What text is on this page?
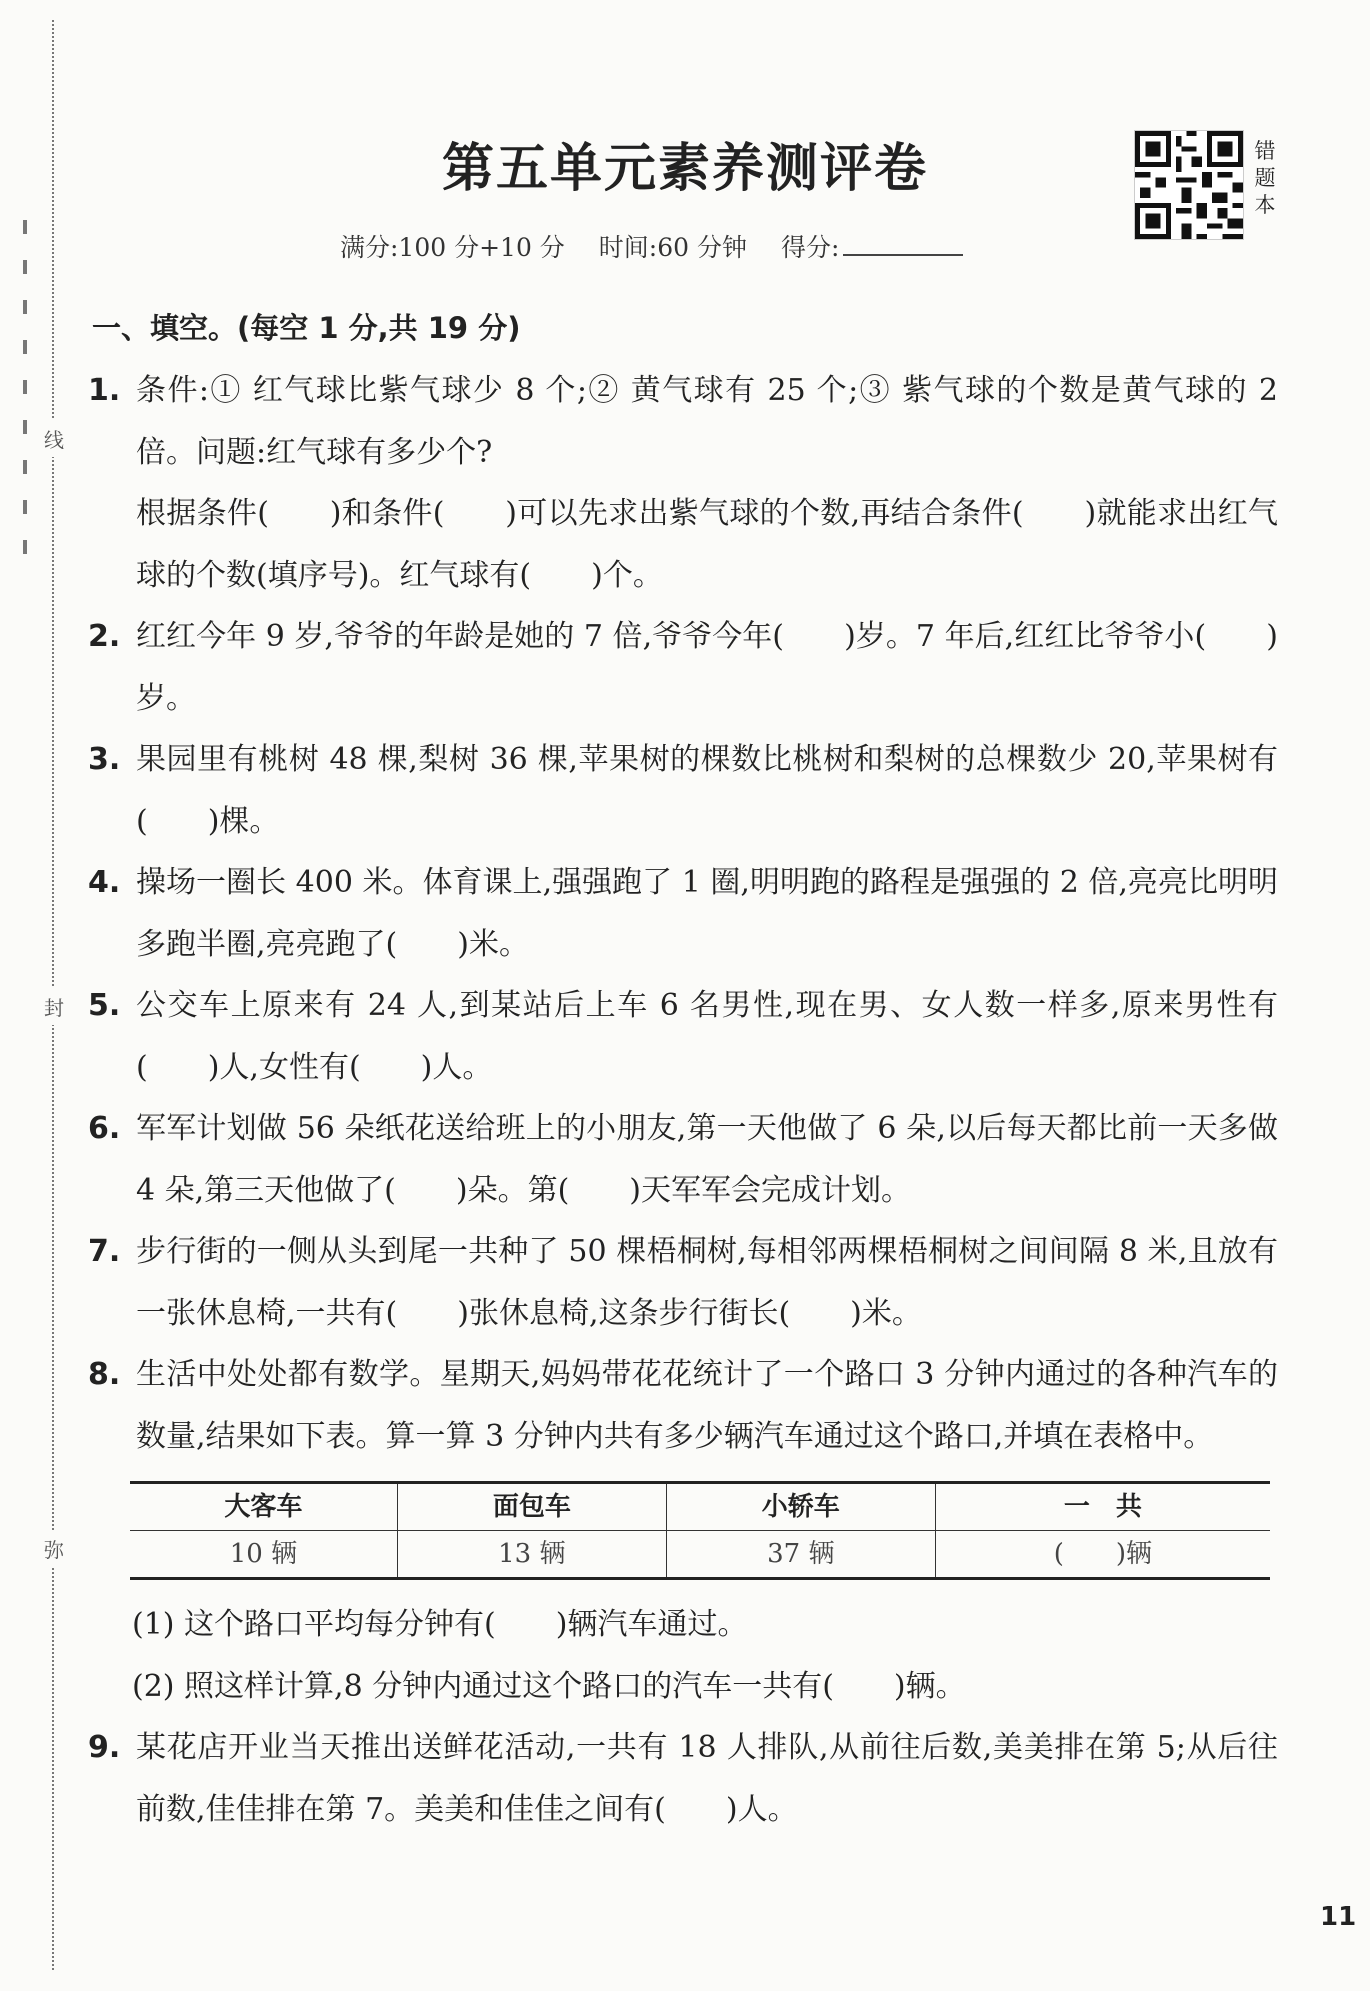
线
封
弥
第五单元素养测评卷	错
题
本
满分:100 分+10 分 时间:60 分钟 得分:
一、填空。(每空 1 分,共 19 分)
1. 条件:① 红气球比紫气球少 8 个;② 黄气球有 25 个;③ 紫气球的个数是黄气球的 2 倍。问题:红气球有多少个?

根据条件(　　)和条件(　　)可以先求出紫气球的个数,再结合条件(　　)就能求出红气球的个数(填序号)。红气球有(　　)个。

2. 红红今年 9 岁,爷爷的年龄是她的 7 倍,爷爷今年(　　)岁。7 年后,红红比爷爷小(　　)岁。

3. 果园里有桃树 48 棵,梨树 36 棵,苹果树的棵数比桃树和梨树的总棵数少 20,苹果树有(　　)棵。

4. 操场一圈长 400 米。体育课上,强强跑了 1 圈,明明跑的路程是强强的 2 倍,亮亮比明明多跑半圈,亮亮跑了(　　)米。

5. 公交车上原来有 24 人,到某站后上车 6 名男性,现在男、女人数一样多,原来男性有(　　)人,女性有(　　)人。

6. 军军计划做 56 朵纸花送给班上的小朋友,第一天他做了 6 朵,以后每天都比前一天多做 4 朵,第三天他做了(　　)朵。第(　　)天军军会完成计划。

7. 步行街的一侧从头到尾一共种了 50 棵梧桐树,每相邻两棵梧桐树之间间隔 8 米,且放有一张休息椅,一共有(　　)张休息椅,这条步行街长(　　)米。

8. 生活中处处都有数学。星期天,妈妈带花花统计了一个路口 3 分钟内通过的各种汽车的数量,结果如下表。算一算 3 分钟内共有多少辆汽车通过这个路口,并填在表格中。

大客车	面包车	小轿车	一　共
10 辆	13 辆	37 辆	(　　)辆

(1) 这个路口平均每分钟有(　　)辆汽车通过。

(2) 照这样计算,8 分钟内通过这个路口的汽车一共有(　　)辆。

9. 某花店开业当天推出送鲜花活动,一共有 18 人排队,从前往后数,美美排在第 5;从后往前数,佳佳排在第 7。美美和佳佳之间有(　　)人。

11
